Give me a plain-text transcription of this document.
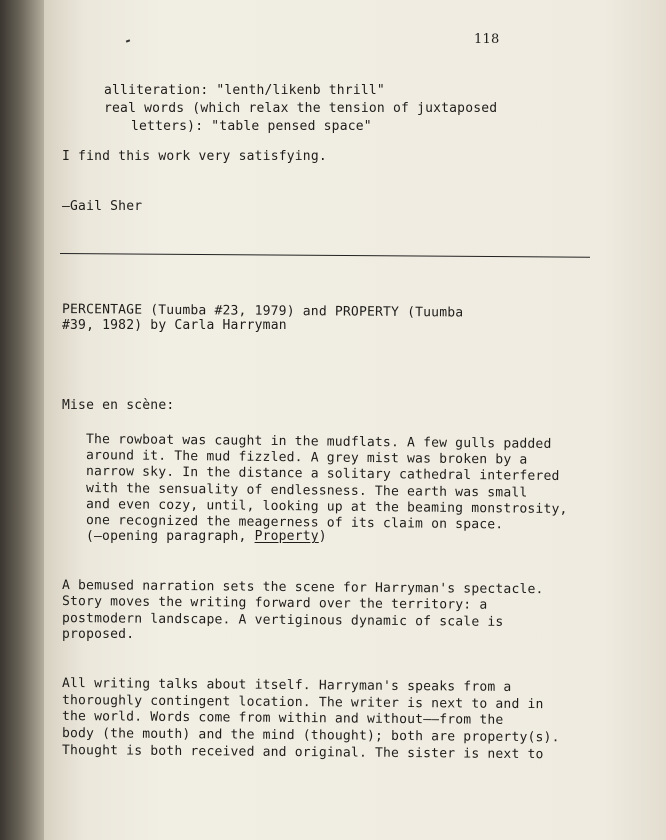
118
alliteration: "lenth/likenb thrill"
real words (which relax the tension of juxtaposed
letters): "table pensed space"
I find this work very satisfying.
—Gail Sher
PERCENTAGE (Tuumba #23, 1979) and PROPERTY (Tuumba
#39, 1982) by Carla Harryman
Mise en scène:
The rowboat was caught in the mudflats. A few gulls padded
around it. The mud fizzled. A grey mist was broken by a
narrow sky. In the distance a solitary cathedral interfered
with the sensuality of endlessness. The earth was small
and even cozy, until, looking up at the beaming monstrosity,
one recognized the meagerness of its claim on space.
(—opening paragraph, Property)
A bemused narration sets the scene for Harryman's spectacle.
Story moves the writing forward over the territory: a
postmodern landscape. A vertiginous dynamic of scale is
proposed.
All writing talks about itself. Harryman's speaks from a
thoroughly contingent location. The writer is next to and in
the world. Words come from within and without——from the
body (the mouth) and the mind (thought); both are property(s).
Thought is both received and original. The sister is next to
